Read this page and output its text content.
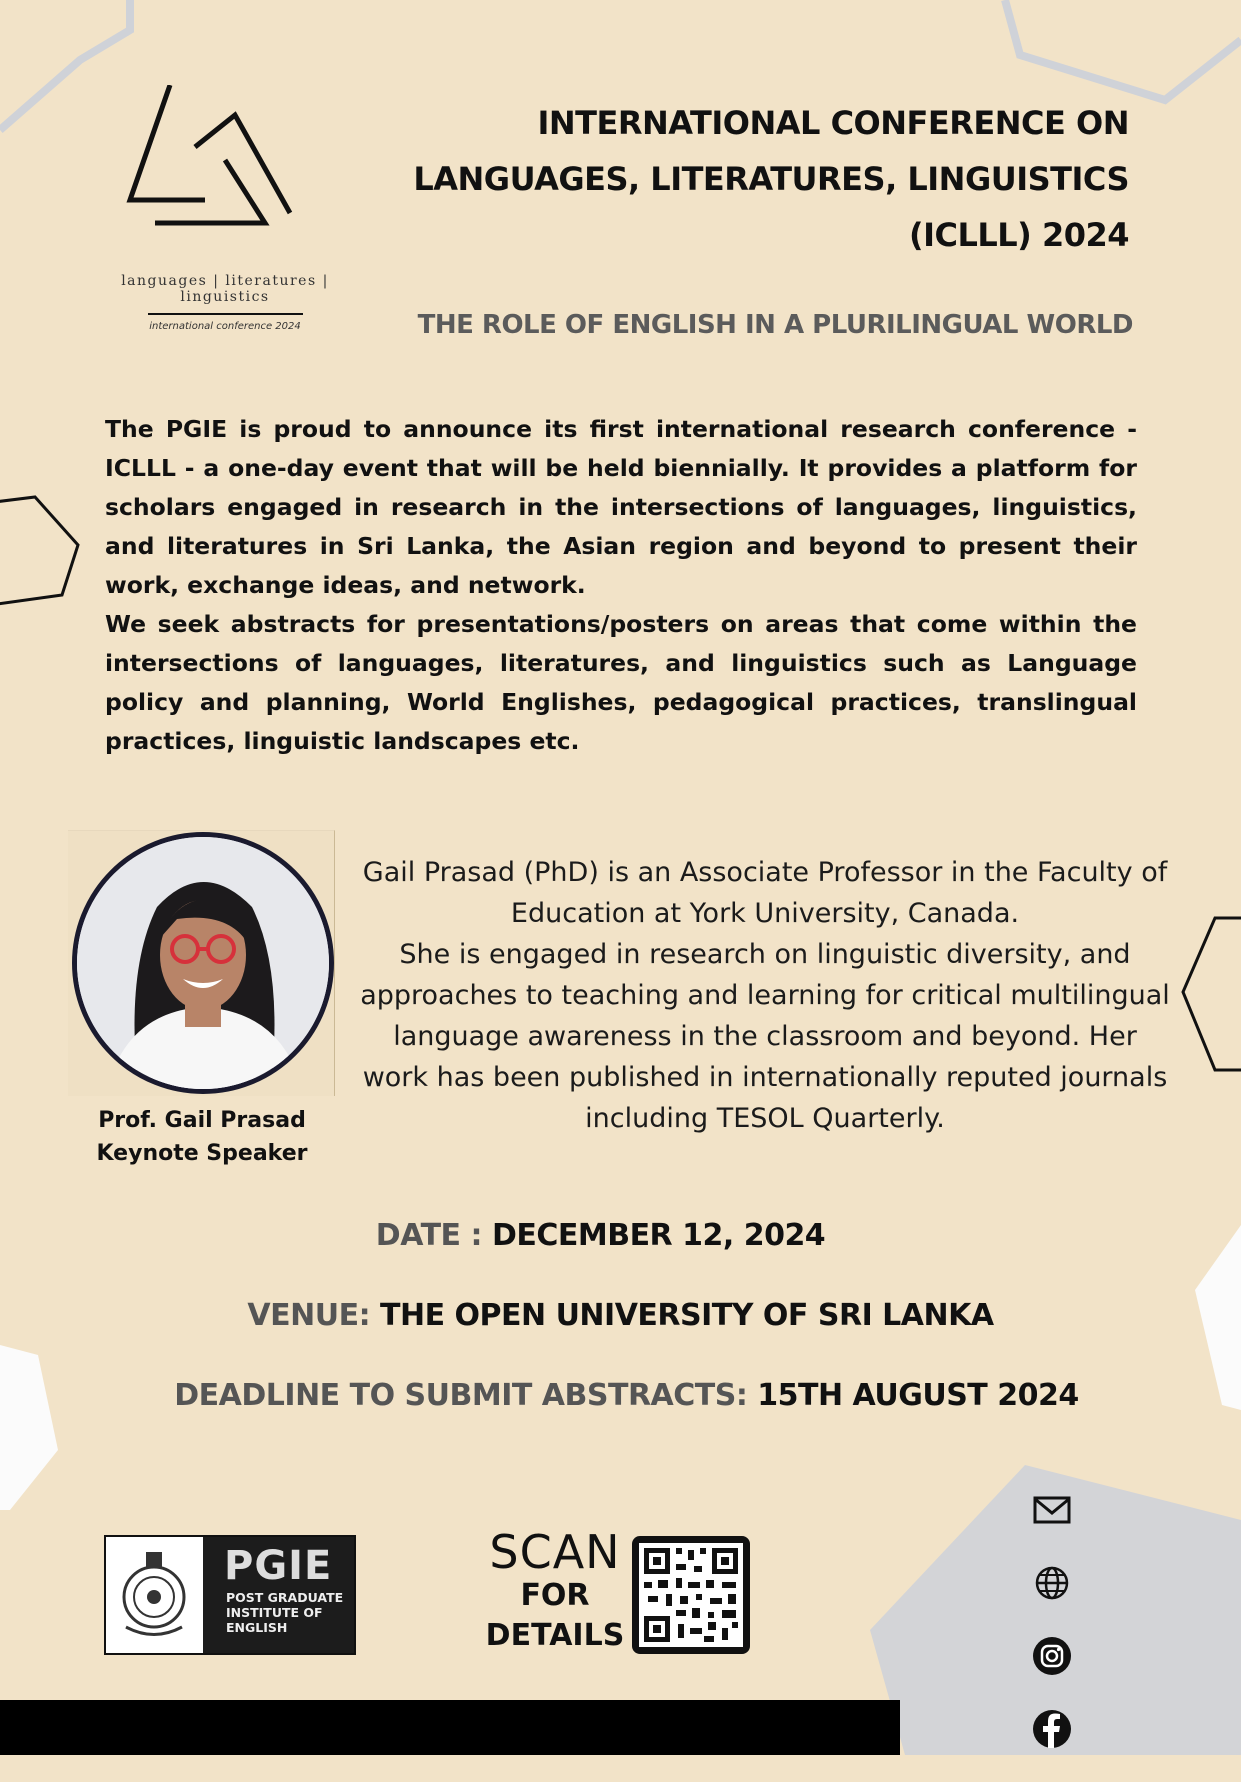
languages | literatures | linguistics
international conference 2024
INTERNATIONAL CONFERENCE ON
LANGUAGES, LITERATURES, LINGUISTICS
(ICLLL) 2024
THE ROLE OF ENGLISH IN A PLURILINGUAL WORLD

The PGIE is proud to announce its first international research conference - ICLLL - a one-day event that will be held biennially. It provides a platform for scholars engaged in research in the intersections of languages, linguistics, and literatures in Sri Lanka, the Asian region and beyond to present their work, exchange ideas, and network.

We seek abstracts for presentations/posters on areas that come within the intersections of languages, literatures, and linguistics such as Language policy and planning, World Englishes, pedagogical practices, translingual practices, linguistic landscapes etc.

Prof. Gail Prasad
Keynote Speaker

Gail Prasad (PhD) is an Associate Professor in the Faculty of Education at York University, Canada.

She is engaged in research on linguistic diversity, and approaches to teaching and learning for critical multilingual language awareness in the classroom and beyond. Her work has been published in internationally reputed journals including TESOL Quarterly.

DATE : DECEMBER 12, 2024
VENUE: THE OPEN UNIVERSITY OF SRI LANKA
DEADLINE TO SUBMIT ABSTRACTS: 15TH AUGUST 2024
PGIE
POST GRADUATE
INSTITUTE OF
ENGLISH
SCAN
FOR
DETAILS
